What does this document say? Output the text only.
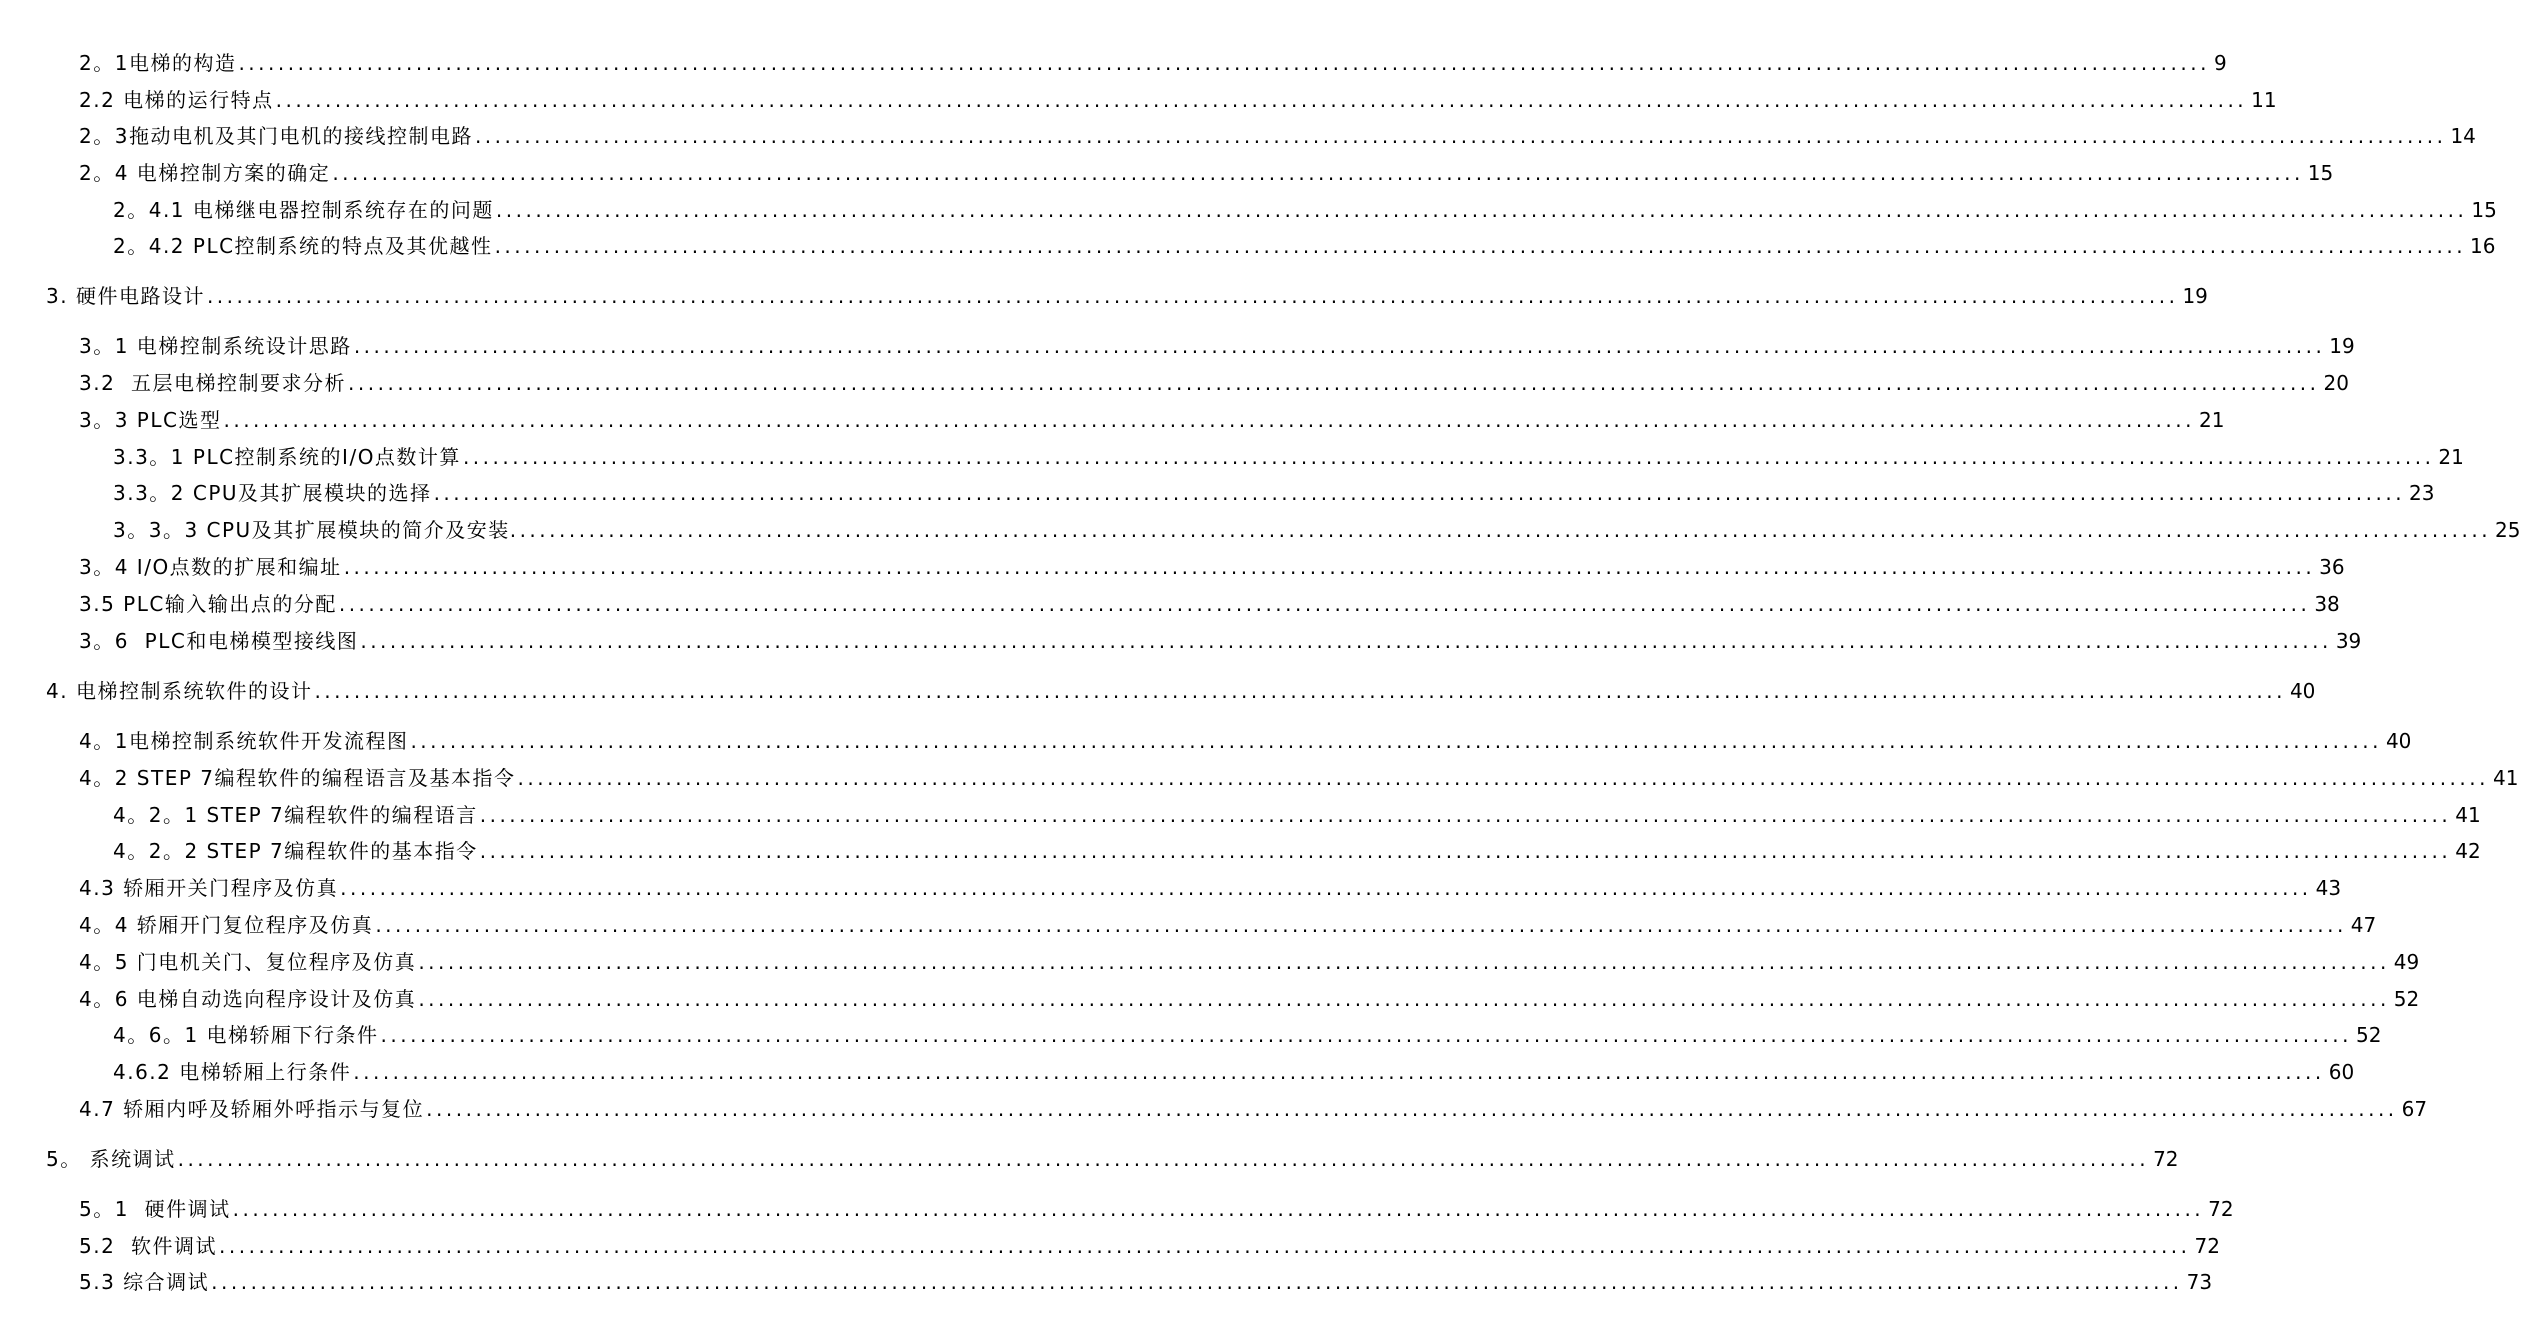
2。1电梯的构造 ........................................................................................................................................................................................................ 9
2.2 电梯的运行特点 ........................................................................................................................................................................................................ 11
2。3拖动电机及其门电机的接线控制电路 ........................................................................................................................................................................................................ 14
2。4 电梯控制方案的确定 ........................................................................................................................................................................................................ 15
2。4.1 电梯继电器控制系统存在的问题 ........................................................................................................................................................................................................ 15
2。4.2 PLC控制系统的特点及其优越性 ........................................................................................................................................................................................................ 16
3. 硬件电路设计 ........................................................................................................................................................................................................ 19
3。1 电梯控制系统设计思路 ........................................................................................................................................................................................................ 19
3.2  五层电梯控制要求分析 ........................................................................................................................................................................................................ 20
3。3 PLC选型 ........................................................................................................................................................................................................ 21
3.3。1 PLC控制系统的I/O点数计算 ........................................................................................................................................................................................................ 21
3.3。2 CPU及其扩展模块的选择 ........................................................................................................................................................................................................ 23
3。3。3 CPU及其扩展模块的简介及安装. ........................................................................................................................................................................................................ 25
3。4 I/O点数的扩展和编址 ........................................................................................................................................................................................................ 36
3.5 PLC输入输出点的分配 ........................................................................................................................................................................................................ 38
3。6  PLC和电梯模型接线图 ........................................................................................................................................................................................................ 39
4. 电梯控制系统软件的设计 ........................................................................................................................................................................................................ 40
4。1电梯控制系统软件开发流程图 ........................................................................................................................................................................................................ 40
4。2 STEP 7编程软件的编程语言及基本指令 ........................................................................................................................................................................................................ 41
4。2。1 STEP 7编程软件的编程语言 ........................................................................................................................................................................................................ 41
4。2。2 STEP 7编程软件的基本指令 ........................................................................................................................................................................................................ 42
4.3 轿厢开关门程序及仿真 ........................................................................................................................................................................................................ 43
4。4 轿厢开门复位程序及仿真 ........................................................................................................................................................................................................ 47
4。5 门电机关门、复位程序及仿真 ........................................................................................................................................................................................................ 49
4。6 电梯自动选向程序设计及仿真 ........................................................................................................................................................................................................ 52
4。6。1 电梯轿厢下行条件 ........................................................................................................................................................................................................ 52
4.6.2 电梯轿厢上行条件 ........................................................................................................................................................................................................ 60
4.7 轿厢内呼及轿厢外呼指示与复位 ........................................................................................................................................................................................................ 67
5。 系统调试 ........................................................................................................................................................................................................ 72
5。1  硬件调试 ........................................................................................................................................................................................................ 72
5.2  软件调试 ........................................................................................................................................................................................................ 72
5.3 综合调试 ........................................................................................................................................................................................................ 73
